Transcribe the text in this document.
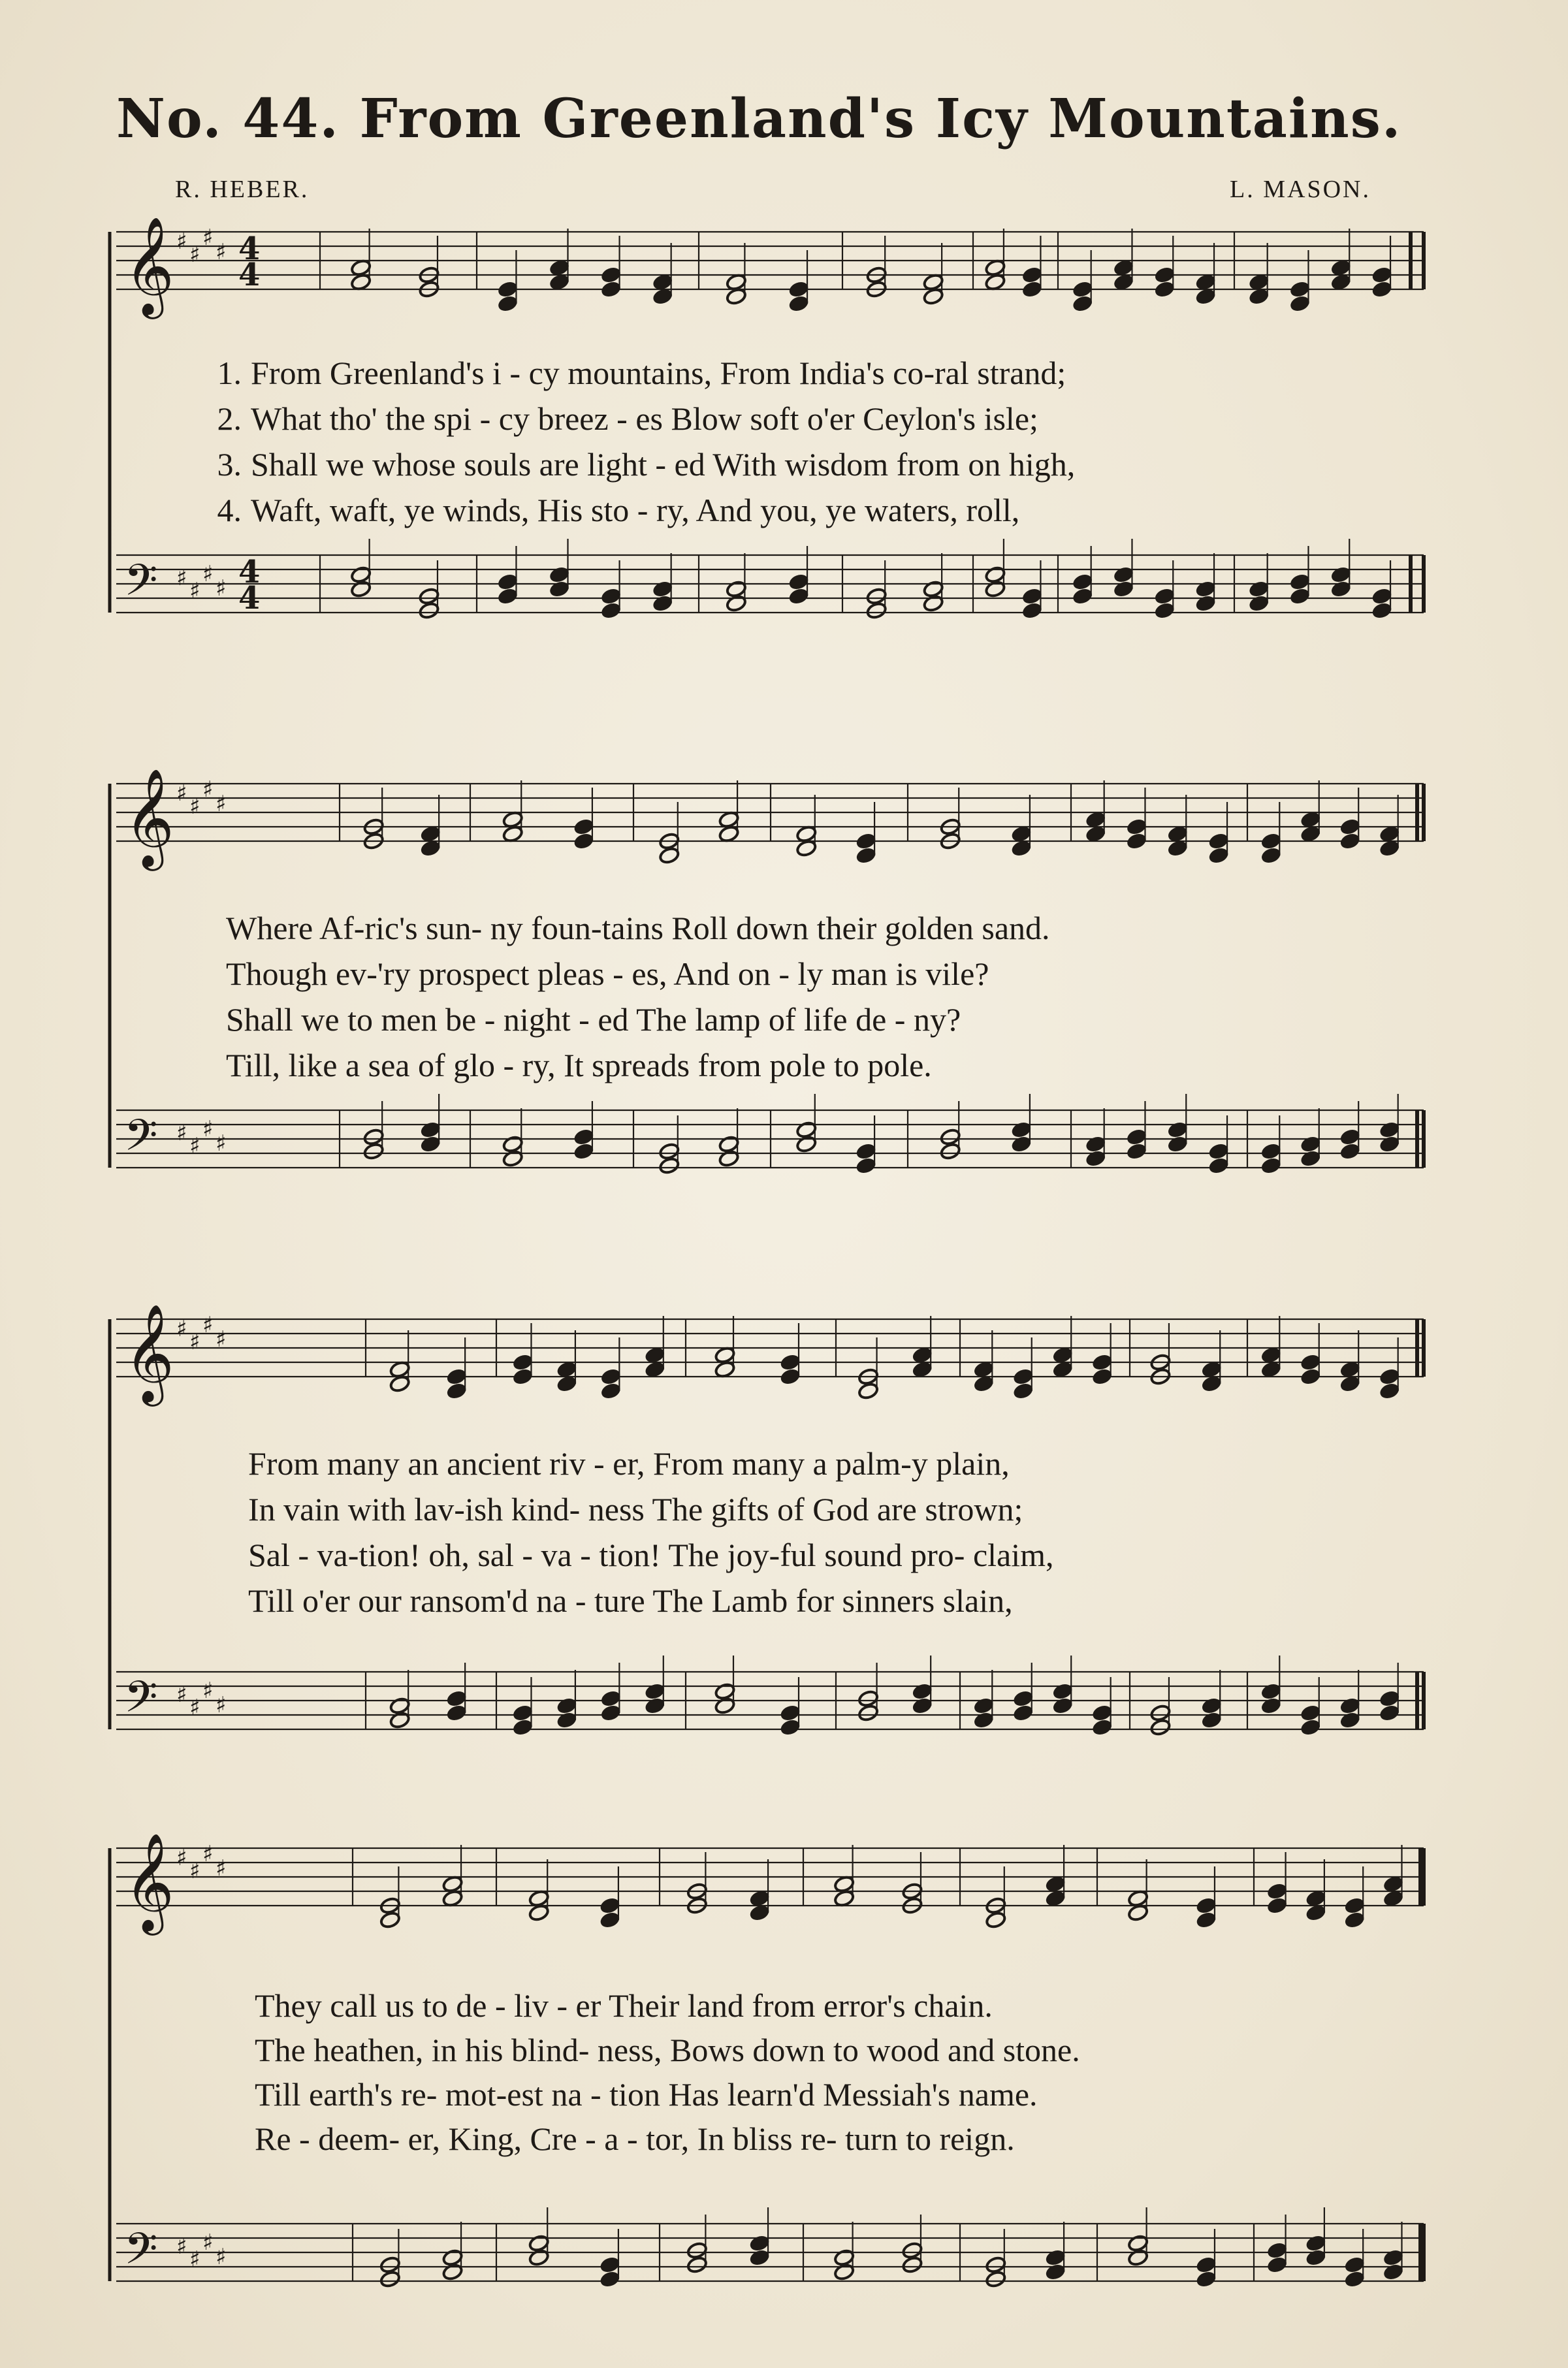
No. 44. From Greenland's Icy Mountains.
R. HEBER.	L. MASON.
𝄞
𝄢
♯
♯
♯
♯
♯
♯
♯
♯
4
4
4
4
1. From Greenland's i - cy mountains, From India's co-ral strand;
2. What tho' the spi - cy breez - es Blow soft o'er Ceylon's isle;
3. Shall we whose souls are light - ed With wisdom from on high,
4. Waft, waft, ye winds, His sto - ry, And you, ye waters, roll,
𝄞
𝄢
♯
♯
♯
♯
♯
♯
♯
♯
Where Af-ric's sun- ny foun-tains Roll down their golden sand.
Though ev-'ry prospect pleas - es, And on - ly man is vile?
Shall we to men be - night - ed The lamp of life de - ny?
Till, like a sea of glo - ry, It spreads from pole to pole.
𝄞
𝄢
♯
♯
♯
♯
♯
♯
♯
♯
From many an ancient riv - er, From many a palm-y plain,
In vain with lav-ish kind- ness The gifts of God are strown;
Sal - va-tion! oh, sal - va - tion! The joy-ful sound pro- claim,
Till o'er our ransom'd na - ture The Lamb for sinners slain,
𝄞
𝄢
♯
♯
♯
♯
♯
♯
♯
♯
They call us to de - liv - er Their land from error's chain.
The heathen, in his blind- ness, Bows down to wood and stone.
Till earth's re- mot-est na - tion Has learn'd Messiah's name.
Re - deem- er, King, Cre - a - tor, In bliss re- turn to reign.
